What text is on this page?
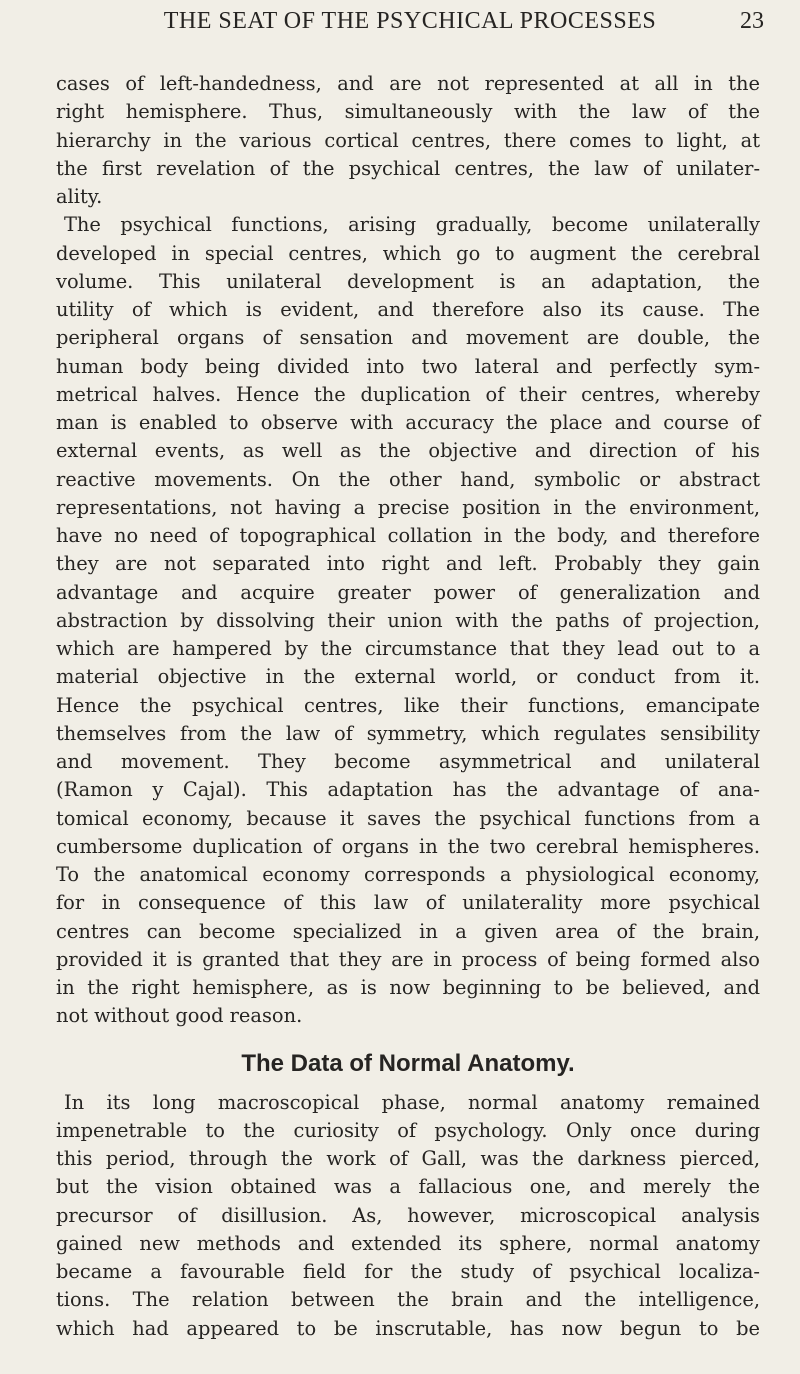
THE SEAT OF THE PSYCHICAL PROCESSES	23
cases of left-handedness, and are not represented at all in the
right hemisphere. Thus, simultaneously with the law of the
hierarchy in the various cortical centres, there comes to light, at
the first revelation of the psychical centres, the law of unilater-
ality.
The psychical functions, arising gradually, become unilaterally
developed in special centres, which go to augment the cerebral
volume. This unilateral development is an adaptation, the
utility of which is evident, and therefore also its cause. The
peripheral organs of sensation and movement are double, the
human body being divided into two lateral and perfectly sym-
metrical halves. Hence the duplication of their centres, whereby
man is enabled to observe with accuracy the place and course of
external events, as well as the objective and direction of his
reactive movements. On the other hand, symbolic or abstract
representations, not having a precise position in the environment,
have no need of topographical collation in the body, and therefore
they are not separated into right and left. Probably they gain
advantage and acquire greater power of generalization and
abstraction by dissolving their union with the paths of projection,
which are hampered by the circumstance that they lead out to a
material objective in the external world, or conduct from it.
Hence the psychical centres, like their functions, emancipate
themselves from the law of symmetry, which regulates sensibility
and movement. They become asymmetrical and unilateral
(Ramon y Cajal). This adaptation has the advantage of ana-
tomical economy, because it saves the psychical functions from a
cumbersome duplication of organs in the two cerebral hemispheres.
To the anatomical economy corresponds a physiological economy,
for in consequence of this law of unilaterality more psychical
centres can become specialized in a given area of the brain,
provided it is granted that they are in process of being formed also
in the right hemisphere, as is now beginning to be believed, and
not without good reason.
The Data of Normal Anatomy.
In its long macroscopical phase, normal anatomy remained
impenetrable to the curiosity of psychology. Only once during
this period, through the work of Gall, was the darkness pierced,
but the vision obtained was a fallacious one, and merely the
precursor of disillusion. As, however, microscopical analysis
gained new methods and extended its sphere, normal anatomy
became a favourable field for the study of psychical localiza-
tions. The relation between the brain and the intelligence,
which had appeared to be inscrutable, has now begun to be
